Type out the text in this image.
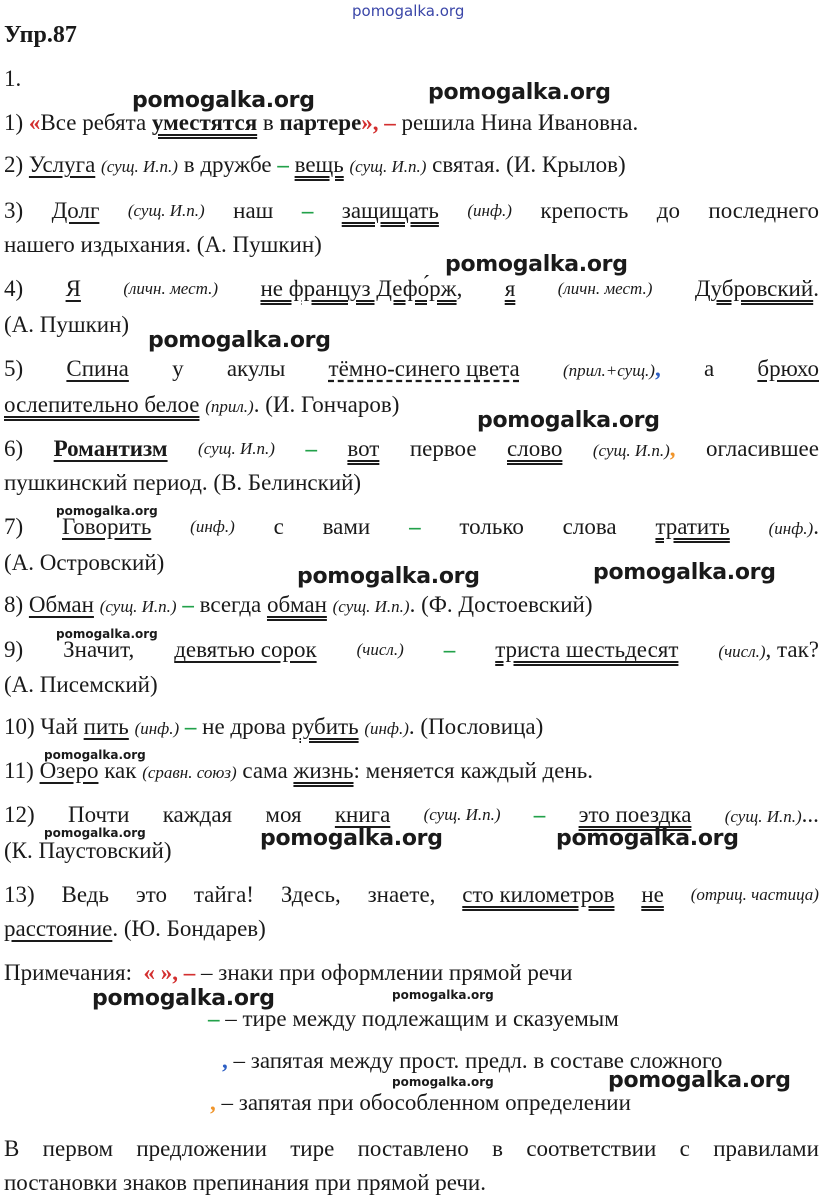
pomogalka.org
Упр.87
1.
1) «Все ребята уместятся в партере», – решила Нина Ивановна.
2) Услуга (сущ. И.п.) в дружбе – вещь (сущ. И.п.) святая. (И. Крылов)
3) Долг (сущ. И.п.) наш – защищать (инф.) крепость до последнего
нашего издыхания. (А. Пушкин)
4) Я (личн. мест.) не француз Дефо́рж, я (личн. мест.) Дубровский.
(А. Пушкин)
5) Спина у акулы тёмно-синего цвета	(прил.+сущ.), а брюхо
ослепительно белое (прил.). (И. Гончаров)
6) Романтизм (сущ. И.п.) – вот первое слово (сущ. И.п.), огласившее
пушкинский период. (В. Белинский)
7) Говорить (инф.) с вами – только слова тратить (инф.).
(А. Островский)
8) Обман (сущ. И.п.) – всегда обман (сущ. И.п.). (Ф. Достоевский)
9) Значит, девятью сорок (числ.) – триста шестьдесят (числ.), так?
(А. Писемский)
10) Чай пить (инф.) – не дрова рубить (инф.). (Пословица)
11) Озеро как (сравн. союз) сама жизнь: меняется каждый день.
12) Почти каждая моя книга (сущ. И.п.) – это поездка (сущ. И.п.)...
(К. Паустовский)
13) Ведь это тайга! Здесь, знаете, сто километров не (отриц. частица)
расстояние. (Ю. Бондарев)
Примечания: « », – – знаки при оформлении прямой речи
– – тире между подлежащим и сказуемым
, – запятая между прост. предл. в составе сложного
, – запятая при обособленном определении
В первом предложении тире поставлено в соответствии с правилами
постановки знаков препинания при прямой речи.
pomogalka.org	pomogalka.org
pomogalka.org
pomogalka.org
pomogalka.org
pomogalka.org
pomogalka.org	pomogalka.org
pomogalka.org
pomogalka.org
pomogalka.org	pomogalka.org	pomogalka.org
pomogalka.org
pomogalka.org
pomogalka.org	pomogalka.org
